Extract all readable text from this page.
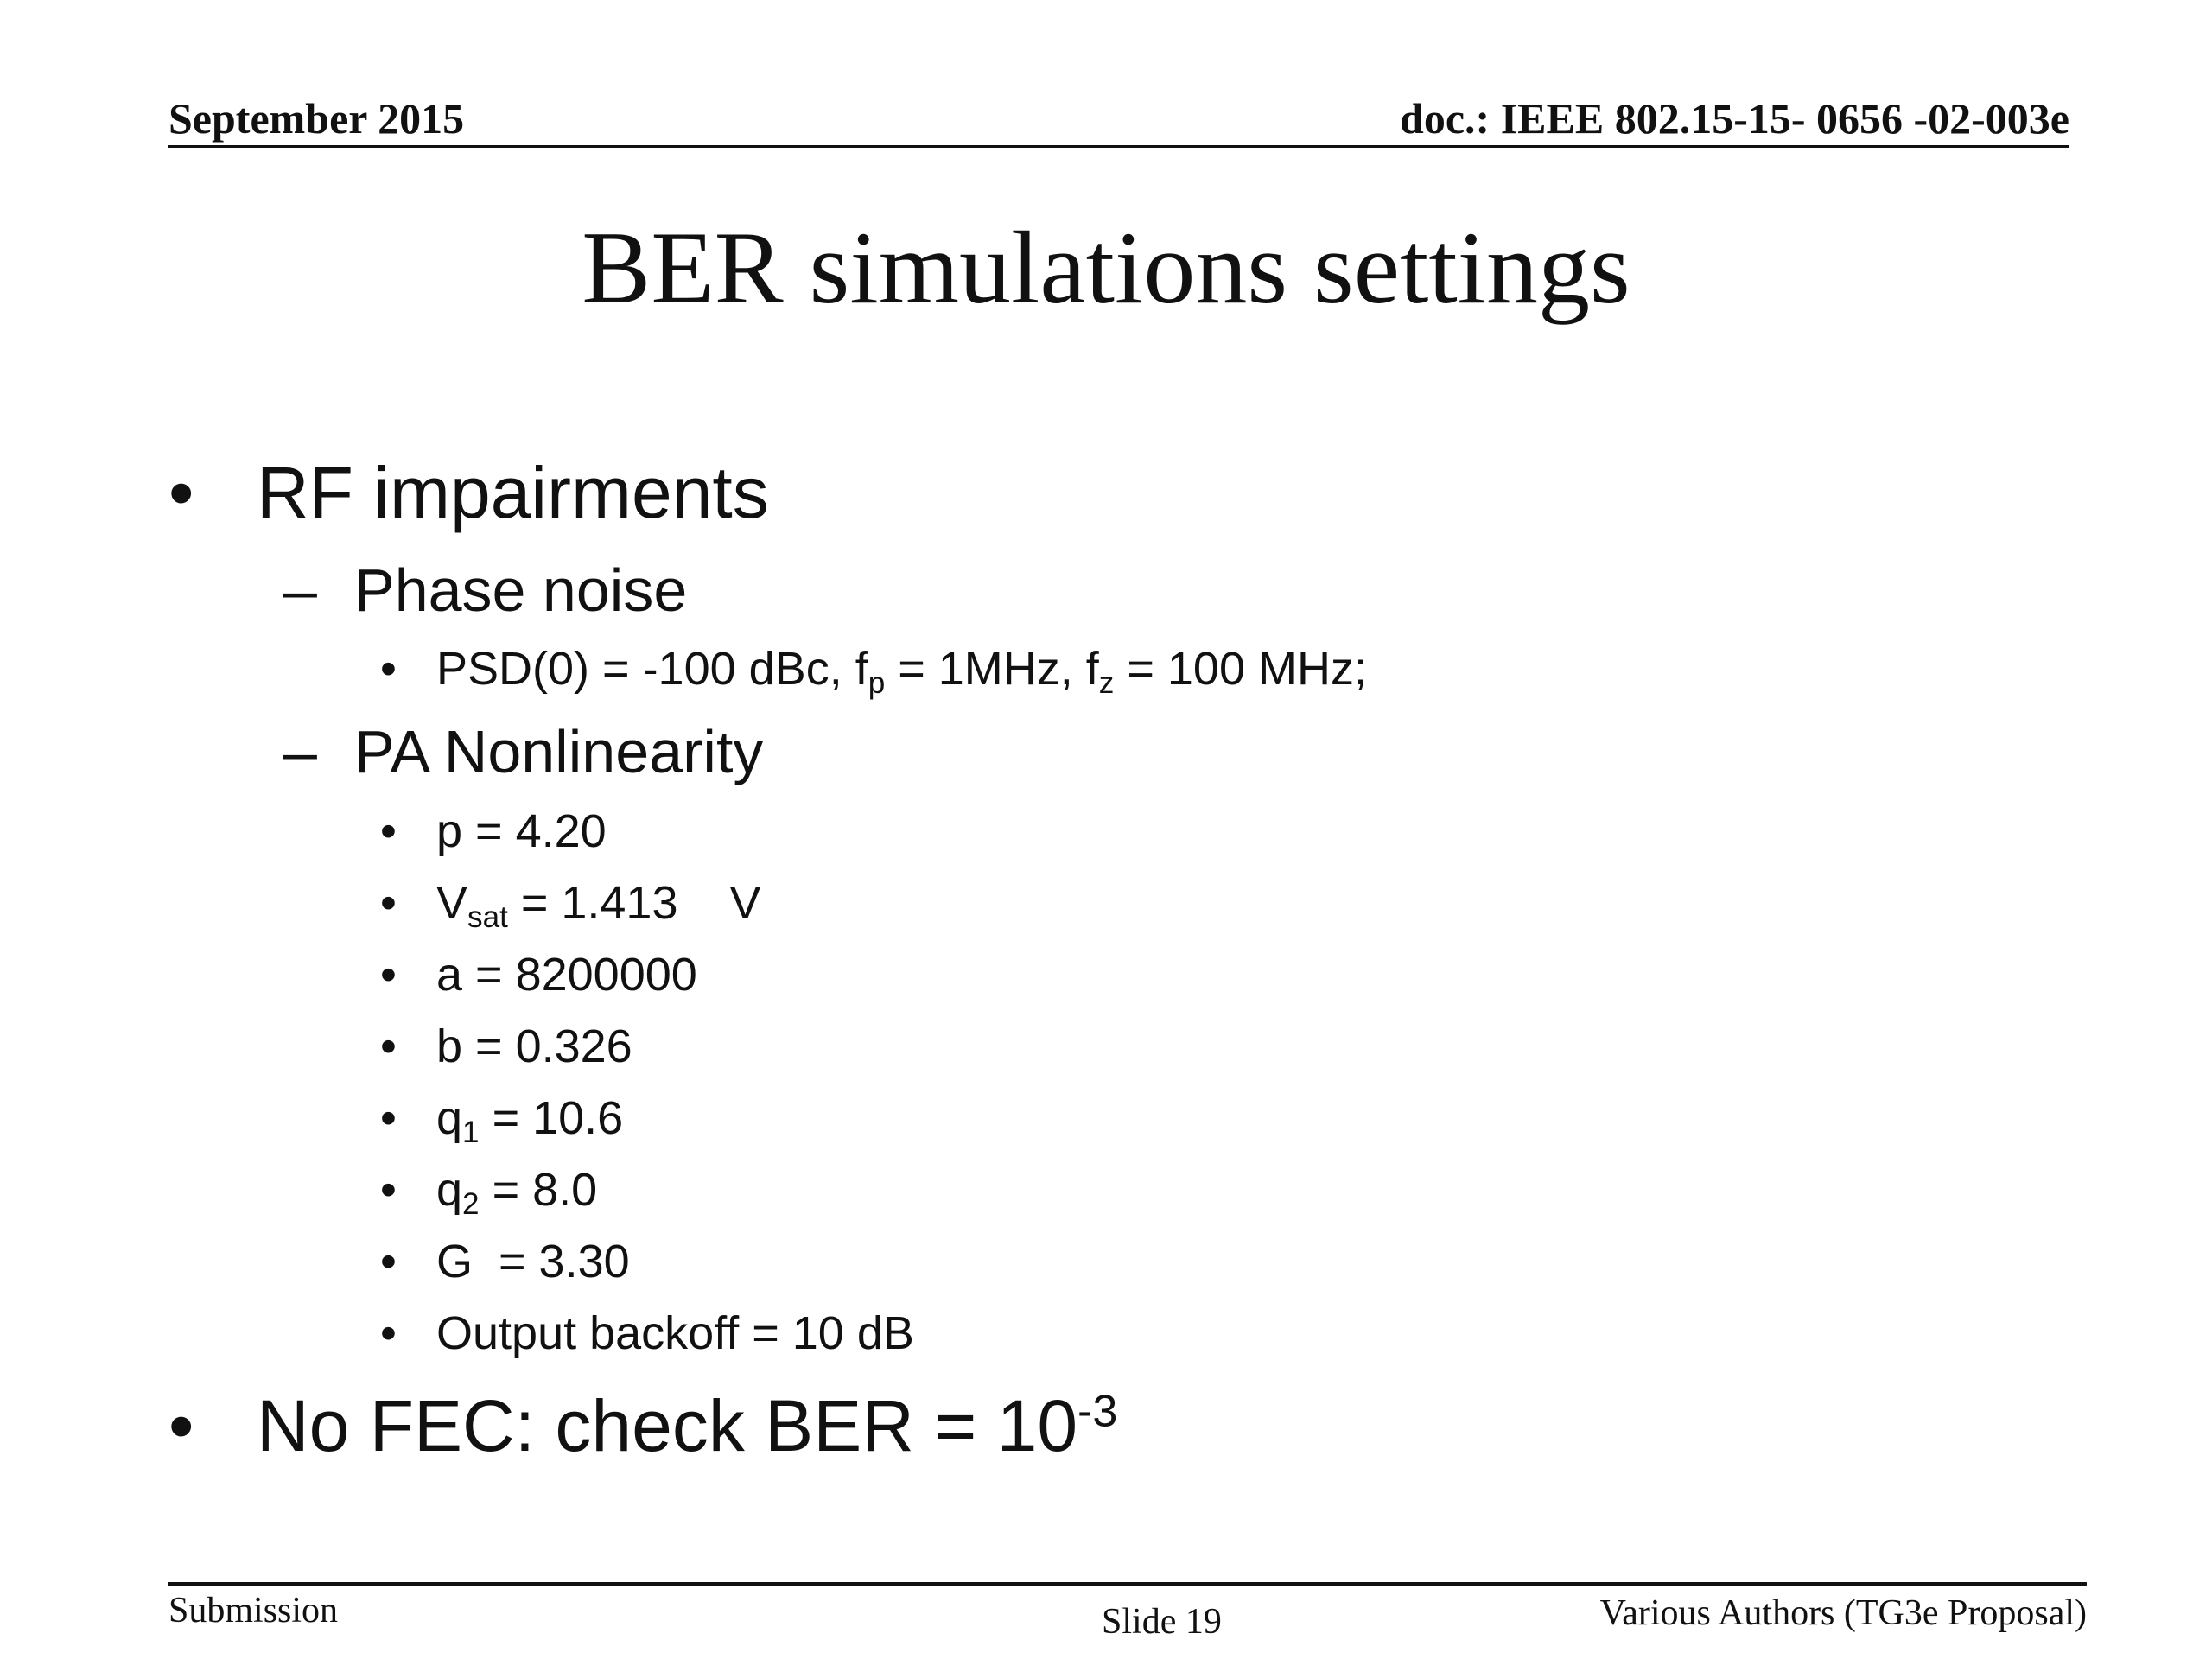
September 2015	doc.: IEEE 802.15-15- 0656 -02-003e
BER simulations settings
• RF impairments
– Phase noise
• PSD(0) = -100 dBc, $f_p = 1MHz$, $f_z = 100$ MHz;
– PA Nonlinearity
• p = 4.20
• $V_{sat} = 1.413$    V
• a = 8200000
• b = 0.326
• $q_1 = 10.6$
• $q_2 = 8.0$
• G  = 3.30
• Output backoff = 10 dB
• No FEC: check BER = $10^{-3}$
Submission	Slide 19	Various Authors (TG3e Proposal)
